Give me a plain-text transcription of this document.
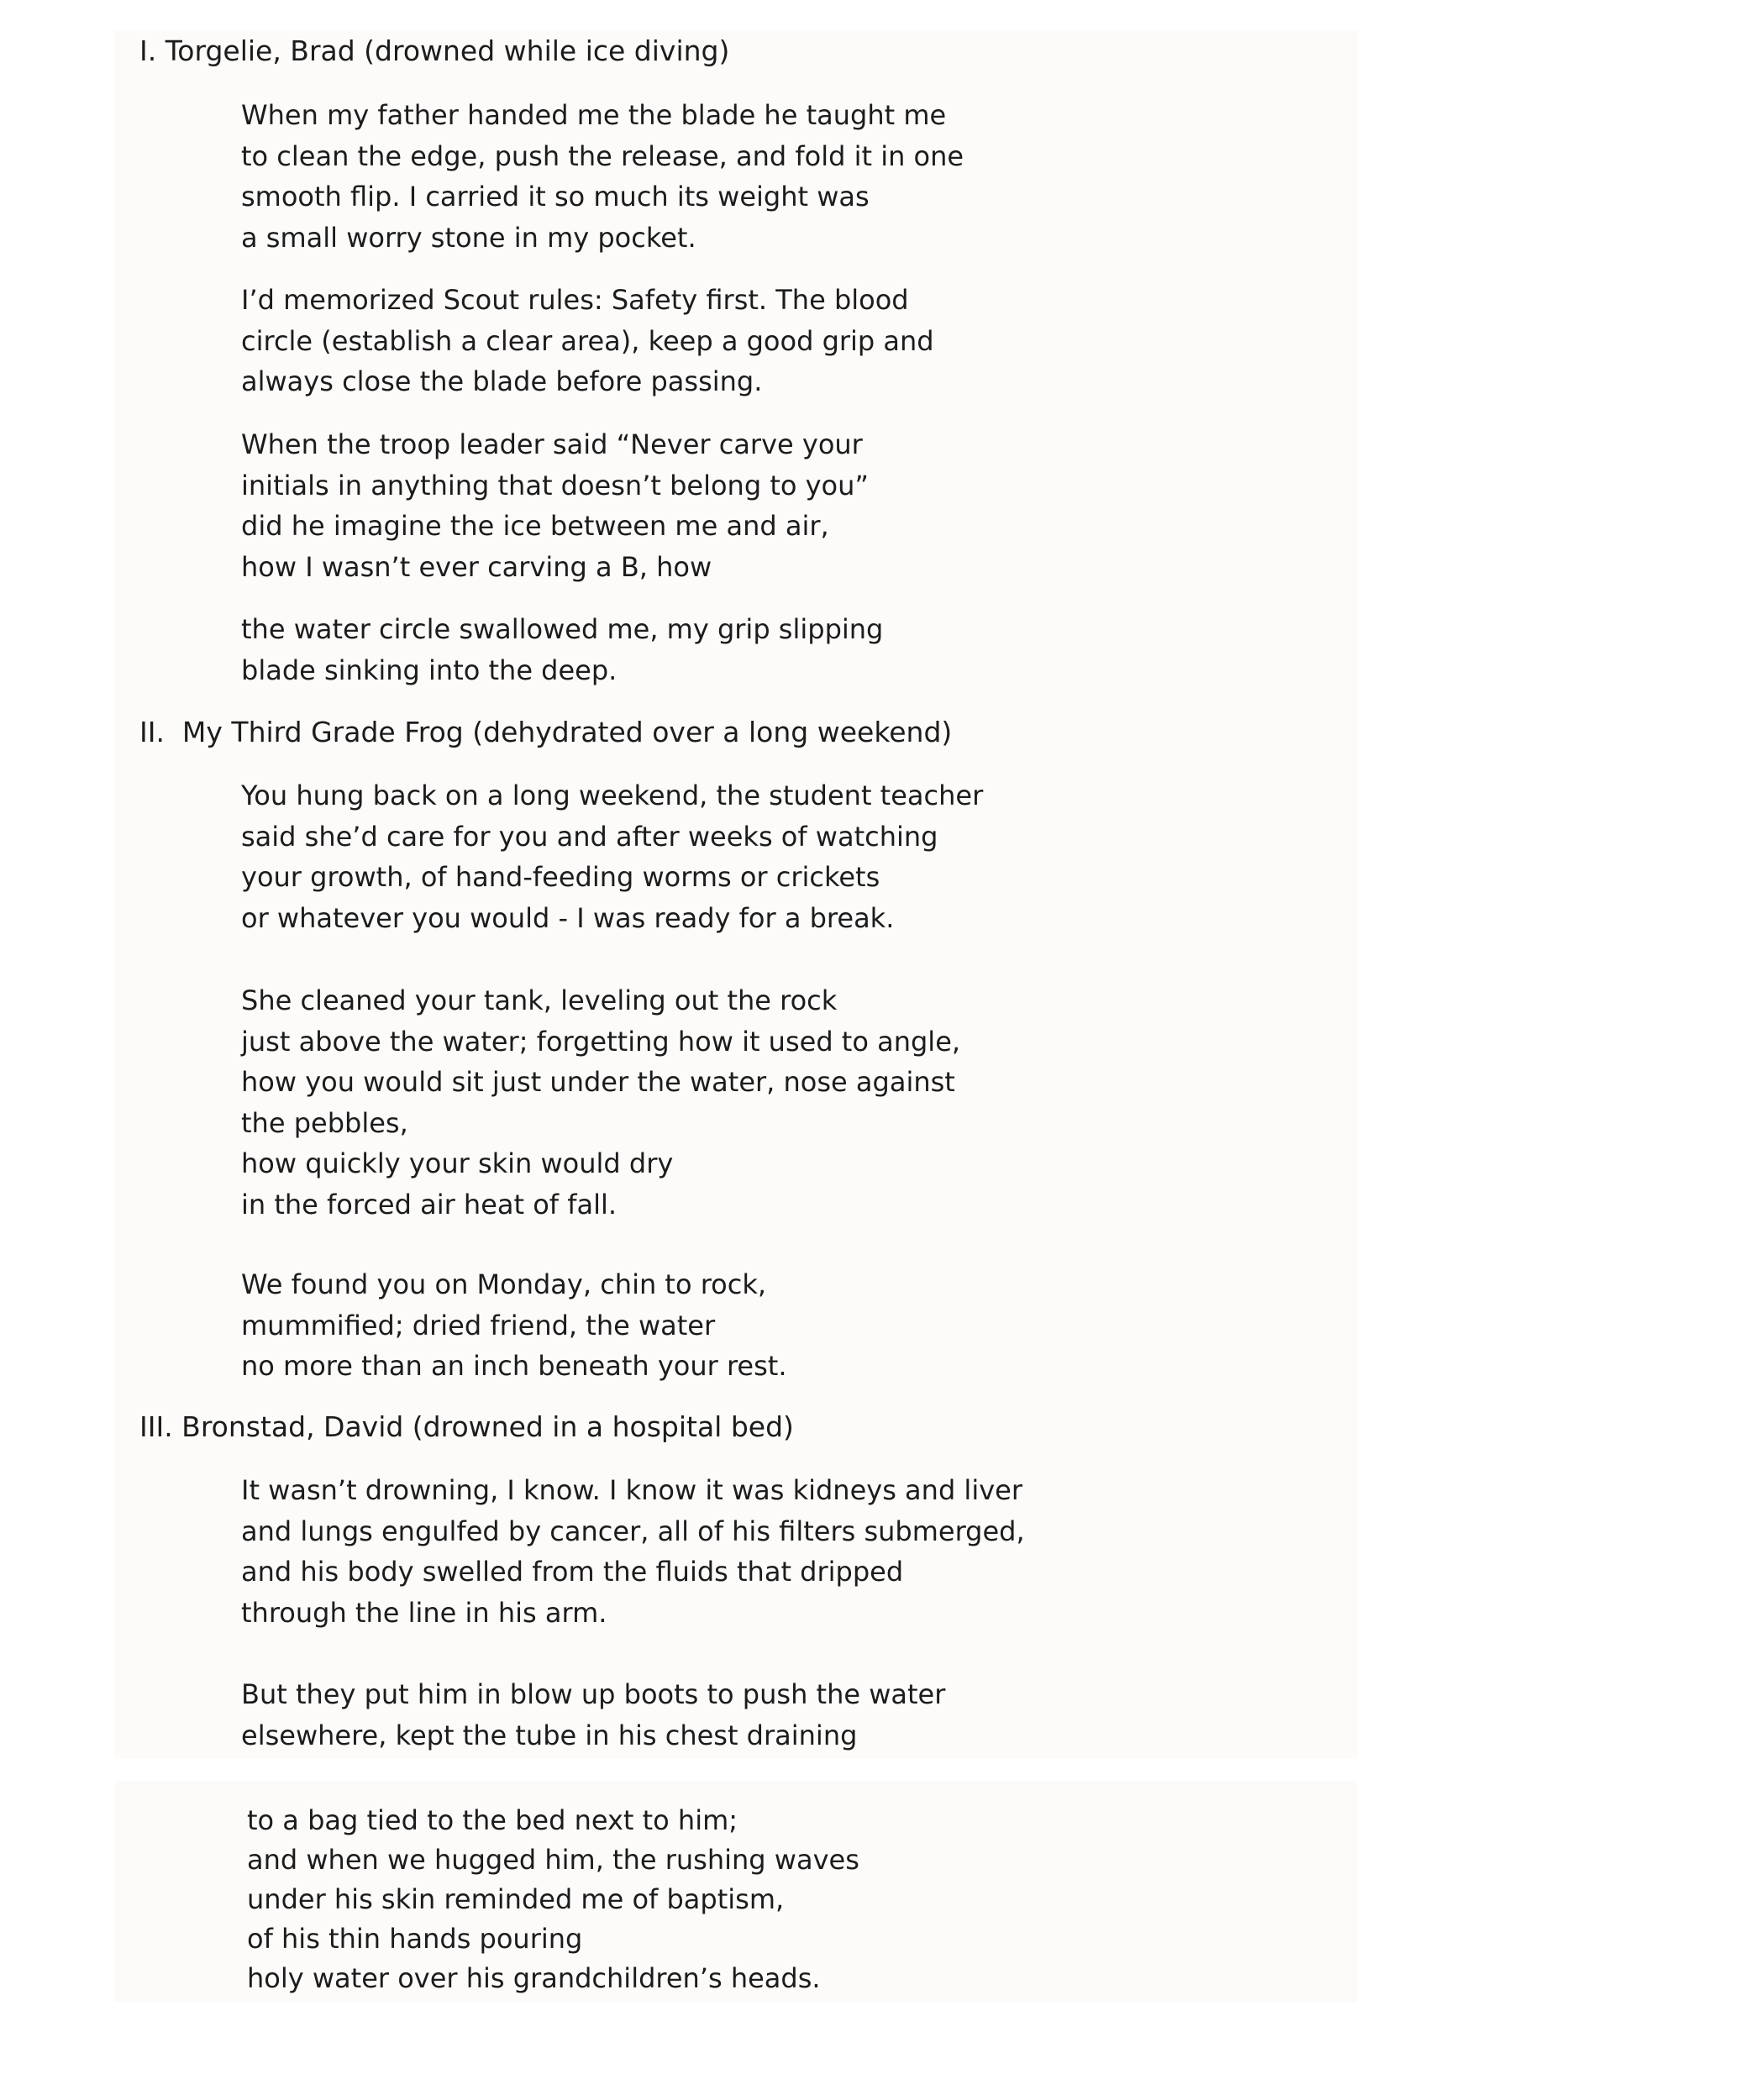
I. Torgelie, Brad (drowned while ice diving)

When my father handed me the blade he taught me
to clean the edge, push the release, and fold it in one
smooth flip. I carried it so much its weight was
a small worry stone in my pocket.

I’d memorized Scout rules: Safety first. The blood
circle (establish a clear area), keep a good grip and
always close the blade before passing.

When the troop leader said “Never carve your
initials in anything that doesn’t belong to you”
did he imagine the ice between me and air,
how I wasn’t ever carving a B, how

the water circle swallowed me, my grip slipping
blade sinking into the deep.

II.  My Third Grade Frog (dehydrated over a long weekend)

You hung back on a long weekend, the student teacher
said she’d care for you and after weeks of watching
your growth, of hand-feeding worms or crickets
or whatever you would - I was ready for a break.

She cleaned your tank, leveling out the rock
just above the water; forgetting how it used to angle,
how you would sit just under the water, nose against
the pebbles,
how quickly your skin would dry
in the forced air heat of fall.

We found you on Monday, chin to rock,
mummified; dried friend, the water
no more than an inch beneath your rest.

III. Bronstad, David (drowned in a hospital bed)

It wasn’t drowning, I know. I know it was kidneys and liver
and lungs engulfed by cancer, all of his filters submerged,
and his body swelled from the fluids that dripped
through the line in his arm.

But they put him in blow up boots to push the water
elsewhere, kept the tube in his chest draining

to a bag tied to the bed next to him;
and when we hugged him, the rushing waves
under his skin reminded me of baptism,
of his thin hands pouring
holy water over his grandchildren’s heads.
